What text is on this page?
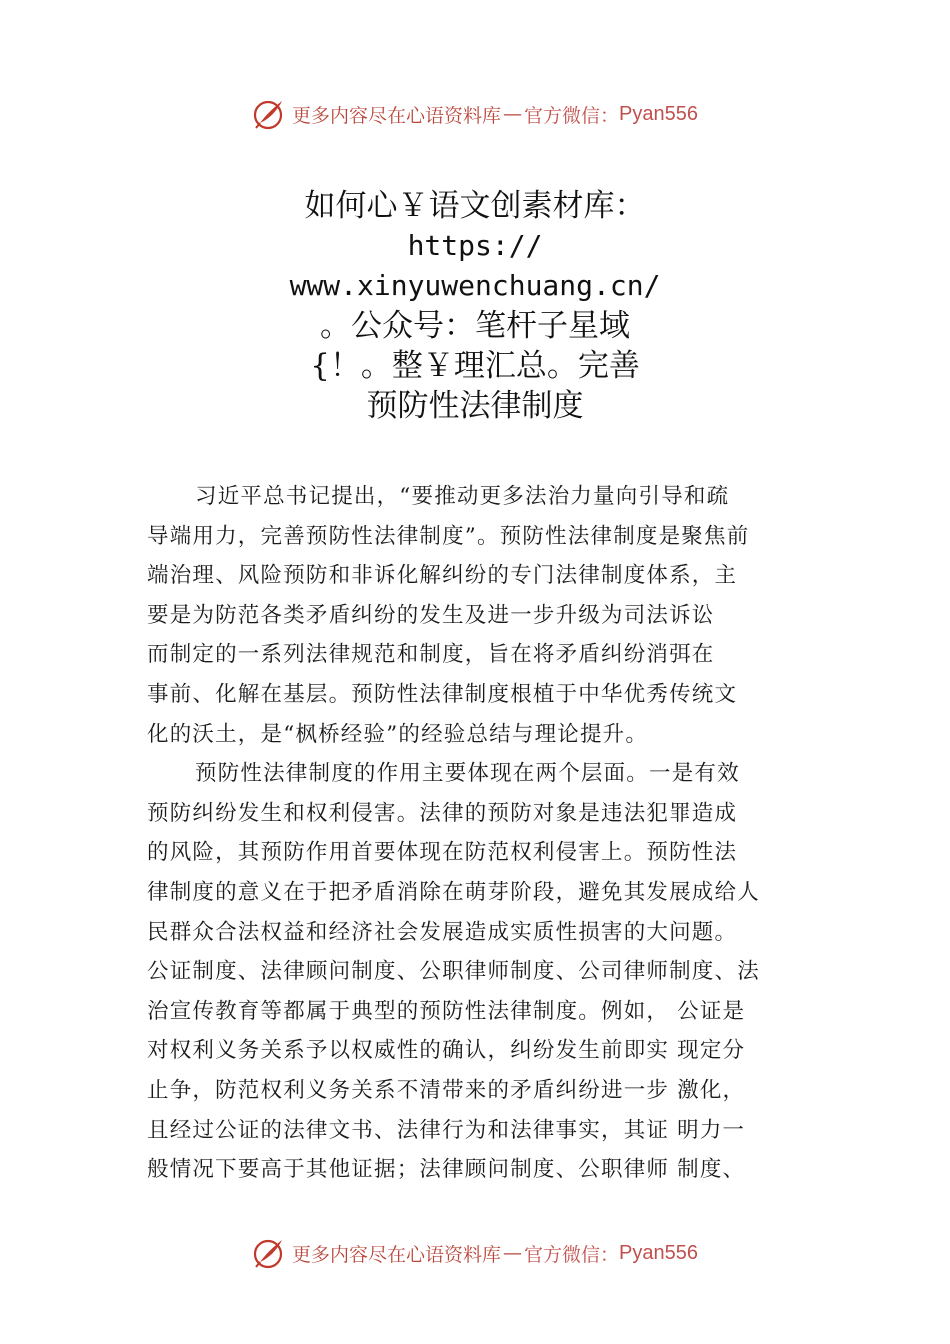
更多内容尽在心语资料库 — 官方微信： Pyan556
如何心￥语文创素材库：
https://
www.xinyuwenchuang.cn/
。公众号：笔杆子星域
{！。整￥理汇总。完善
预防性法律制度
习近平总书记提出，“要推动更多法治力量向引导和疏
导端用力，完善预防性法律制度”。预防性法律制度是聚焦前
端治理、风险预防和非诉化解纠纷的专门法律制度体系，主
要是为防范各类矛盾纠纷的发生及进一步升级为司法诉讼
而制定的一系列法律规范和制度，旨在将矛盾纠纷消弭在
事前、化解在基层。预防性法律制度根植于中华优秀传统文
化的沃土，是“枫桥经验”的经验总结与理论提升。
预防性法律制度的作用主要体现在两个层面。一是有效
预防纠纷发生和权利侵害。法律的预防对象是违法犯罪造成
的风险，其预防作用首要体现在防范权利侵害上。预防性法
律制度的意义在于把矛盾消除在萌芽阶段，避免其发展成给人
民群众合法权益和经济社会发展造成实质性损害的大问题。
公证制度、法律顾问制度、公职律师制度、公司律师制度、法
治宣传教育等都属于典型的预防性法律制度。例如， 公证是
对权利义务关系予以权威性的确认，纠纷发生前即实 现定分
止争，防范权利义务关系不清带来的矛盾纠纷进一步 激化，
且经过公证的法律文书、法律行为和法律事实，其证 明力一
般情况下要高于其他证据；法律顾问制度、公职律师 制度、
更多内容尽在心语资料库 — 官方微信： Pyan556
